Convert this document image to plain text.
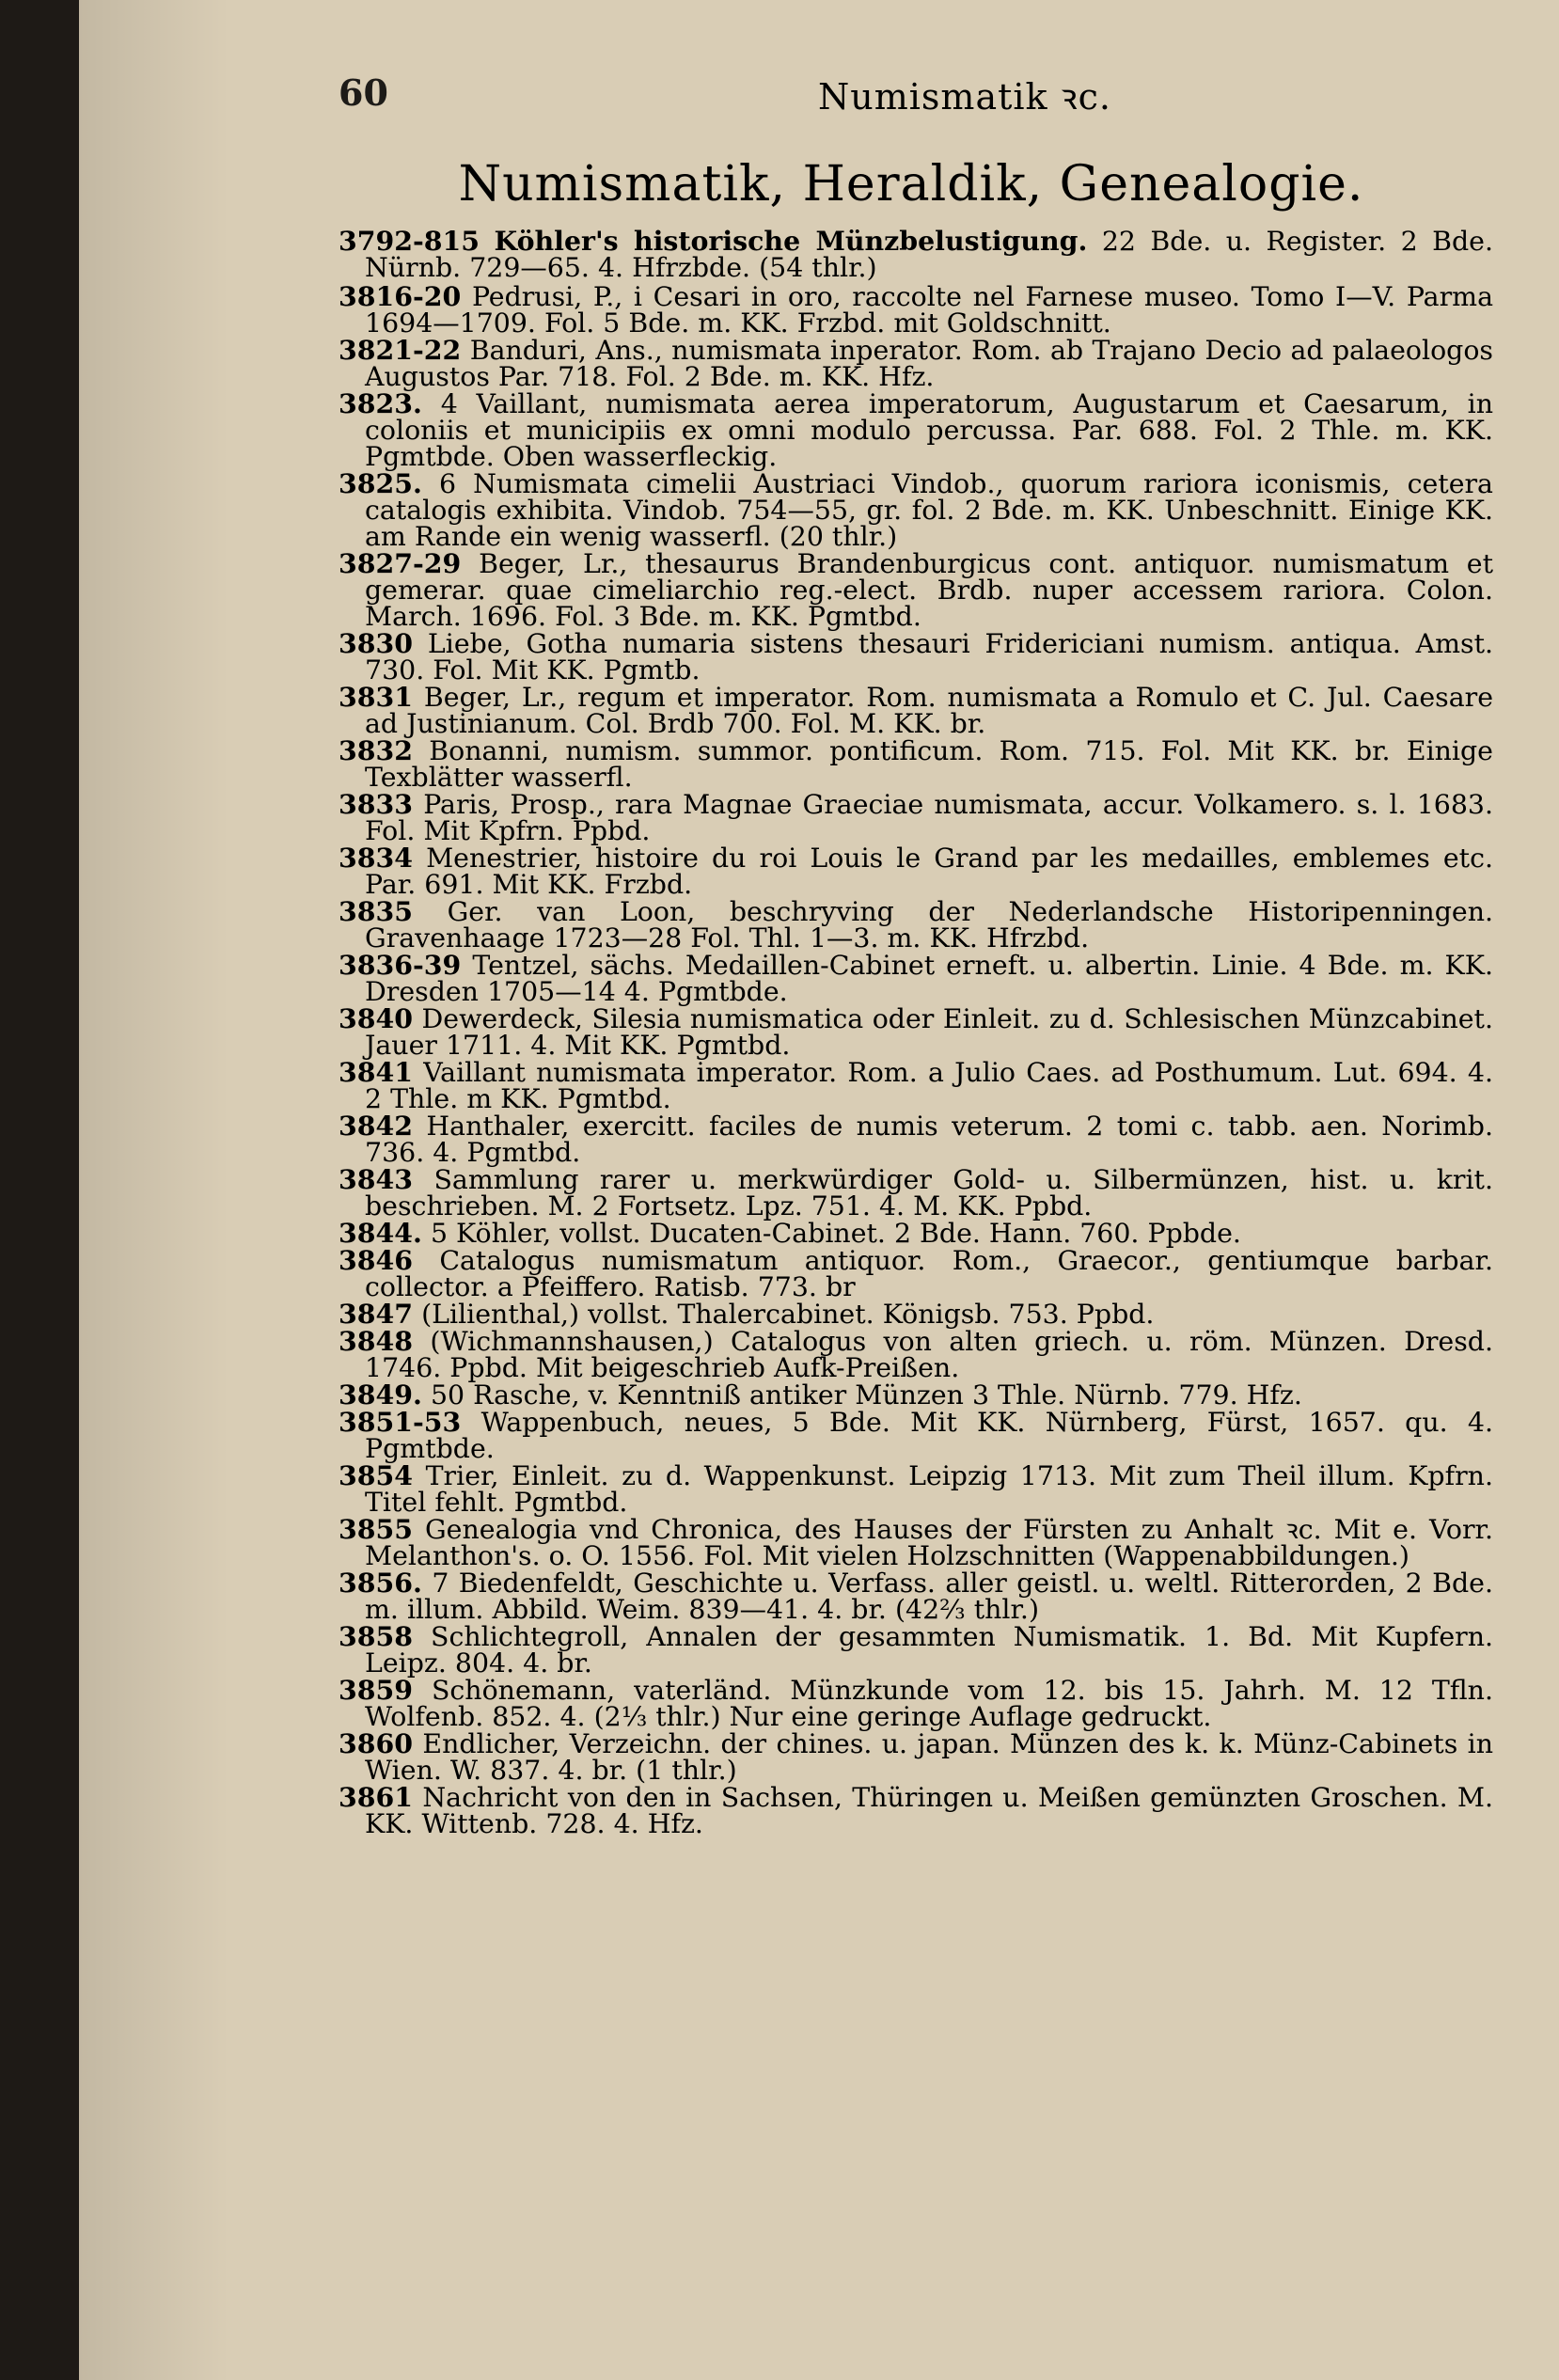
60	Numismatik ꝛc.
Numismatik, Heraldik, Genealogie.

3792-815 Köhler's historische Münzbelustigung. 22 Bde. u. Register. 2 Bde. Nürnb. 729—65. 4. Hfrzbde. (54 thlr.)

3816-20 Pedrusi, P., i Cesari in oro, raccolte nel Farnese museo. Tomo I—V. Parma 1694—1709. Fol. 5 Bde. m. KK. Frzbd. mit Goldschnitt.

3821-22 Banduri, Ans., numismata inperator. Rom. ab Trajano Decio ad palaeologos Augustos Par. 718. Fol. 2 Bde. m. KK. Hfz.

3823. 4 Vaillant, numismata aerea imperatorum, Augustarum et Caesarum, in coloniis et municipiis ex omni modulo percussa. Par. 688. Fol. 2 Thle. m. KK. Pgmtbde. Oben wasserfleckig.

3825. 6 Numismata cimelii Austriaci Vindob., quorum rariora iconismis, cetera catalogis exhibita. Vindob. 754—55, gr. fol. 2 Bde. m. KK. Unbeschnitt. Einige KK. am Rande ein wenig wasserfl. (20 thlr.)

3827-29 Beger, Lr., thesaurus Brandenburgicus cont. antiquor. numismatum et gemerar. quae cimeliarchio reg.-elect. Brdb. nuper accessem rariora. Colon. March. 1696. Fol. 3 Bde. m. KK. Pgmtbd.

3830 Liebe, Gotha numaria sistens thesauri Fridericiani numism. antiqua. Amst. 730. Fol. Mit KK. Pgmtb.

3831 Beger, Lr., regum et imperator. Rom. numismata a Romulo et C. Jul. Caesare ad Justinianum. Col. Brdb 700. Fol. M. KK. br.

3832 Bonanni, numism. summor. pontificum. Rom. 715. Fol. Mit KK. br. Einige Texblätter wasserfl.

3833 Paris, Prosp., rara Magnae Graeciae numismata, accur. Volkamero. s. l. 1683. Fol. Mit Kpfrn. Ppbd.

3834 Menestrier, histoire du roi Louis le Grand par les medailles, emblemes etc. Par. 691. Mit KK. Frzbd.

3835 Ger. van Loon, beschryving der Nederlandsche Historipenningen. Gravenhaage 1723—28 Fol. Thl. 1—3. m. KK. Hfrzbd.

3836-39 Tentzel, sächs. Medaillen-Cabinet erneft. u. albertin. Linie. 4 Bde. m. KK. Dresden 1705—14 4. Pgmtbde.

3840 Dewerdeck, Silesia numismatica oder Einleit. zu d. Schlesischen Münzcabinet. Jauer 1711. 4. Mit KK. Pgmtbd.

3841 Vaillant numismata imperator. Rom. a Julio Caes. ad Posthumum. Lut. 694. 4. 2 Thle. m KK. Pgmtbd.

3842 Hanthaler, exercitt. faciles de numis veterum. 2 tomi c. tabb. aen. Norimb. 736. 4. Pgmtbd.

3843 Sammlung rarer u. merkwürdiger Gold- u. Silbermünzen, hist. u. krit. beschrieben. M. 2 Fortsetz. Lpz. 751. 4. M. KK. Ppbd.

3844. 5 Köhler, vollst. Ducaten-Cabinet. 2 Bde. Hann. 760. Ppbde.

3846 Catalogus numismatum antiquor. Rom., Graecor., gentiumque barbar. collector. a Pfeiffero. Ratisb. 773. br

3847 (Lilienthal,) vollst. Thalercabinet. Königsb. 753. Ppbd.

3848 (Wichmannshausen,) Catalogus von alten griech. u. röm. Münzen. Dresd. 1746. Ppbd. Mit beigeschrieb Aufk-Preißen.

3849. 50 Rasche, v. Kenntniß antiker Münzen 3 Thle. Nürnb. 779. Hfz.

3851-53 Wappenbuch, neues, 5 Bde. Mit KK. Nürnberg, Fürst, 1657. qu. 4. Pgmtbde.

3854 Trier, Einleit. zu d. Wappenkunst. Leipzig 1713. Mit zum Theil illum. Kpfrn. Titel fehlt. Pgmtbd.

3855 Genealogia vnd Chronica, des Hauses der Fürsten zu Anhalt ꝛc. Mit e. Vorr. Melanthon's. o. O. 1556. Fol. Mit vielen Holzschnitten (Wappenabbildungen.)

3856. 7 Biedenfeldt, Geschichte u. Verfass. aller geistl. u. weltl. Ritterorden, 2 Bde. m. illum. Abbild. Weim. 839—41. 4. br. (42⅔ thlr.)

3858 Schlichtegroll, Annalen der gesammten Numismatik. 1. Bd. Mit Kupfern. Leipz. 804. 4. br.

3859 Schönemann, vaterländ. Münzkunde vom 12. bis 15. Jahrh. M. 12 Tfln. Wolfenb. 852. 4. (2⅓ thlr.) Nur eine geringe Auflage gedruckt.

3860 Endlicher, Verzeichn. der chines. u. japan. Münzen des k. k. Münz-Cabinets in Wien. W. 837. 4. br. (1 thlr.)

3861 Nachricht von den in Sachsen, Thüringen u. Meißen gemünzten Groschen. M. KK. Wittenb. 728. 4. Hfz.
